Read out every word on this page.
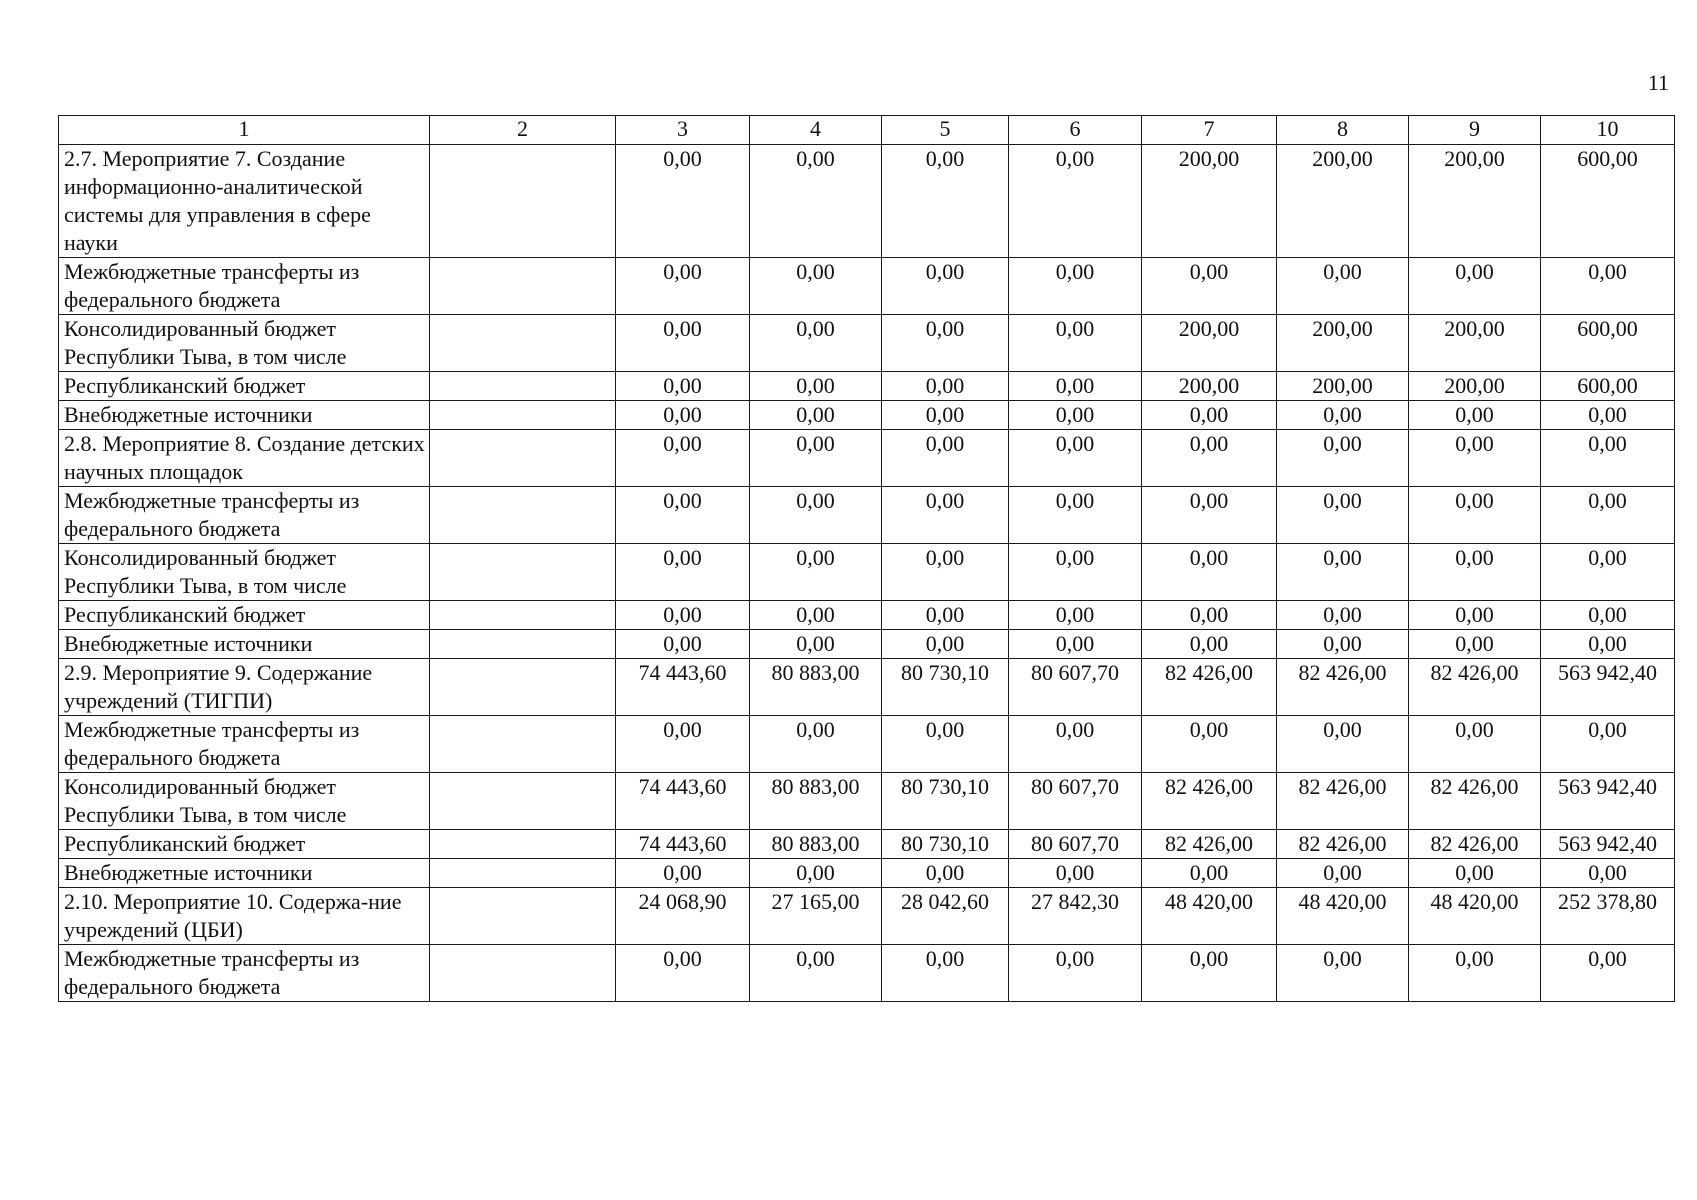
11
1	2	3	4	5	6	7	8	9	10
2.7. Мероприятие 7. Создание информационно-аналитической системы для управления в сфере науки		0,00	0,00	0,00	0,00	200,00	200,00	200,00	600,00
Межбюджетные трансферты из федерального бюджета		0,00	0,00	0,00	0,00	0,00	0,00	0,00	0,00
Консолидированный бюджет Республики Тыва, в том числе		0,00	0,00	0,00	0,00	200,00	200,00	200,00	600,00
Республиканский бюджет		0,00	0,00	0,00	0,00	200,00	200,00	200,00	600,00
Внебюджетные источники		0,00	0,00	0,00	0,00	0,00	0,00	0,00	0,00
2.8. Мероприятие 8. Создание детских научных площадок		0,00	0,00	0,00	0,00	0,00	0,00	0,00	0,00
Межбюджетные трансферты из федерального бюджета		0,00	0,00	0,00	0,00	0,00	0,00	0,00	0,00
Консолидированный бюджет Республики Тыва, в том числе		0,00	0,00	0,00	0,00	0,00	0,00	0,00	0,00
Республиканский бюджет		0,00	0,00	0,00	0,00	0,00	0,00	0,00	0,00
Внебюджетные источники		0,00	0,00	0,00	0,00	0,00	0,00	0,00	0,00
2.9. Мероприятие 9. Содержание учреждений (ТИГПИ)		74 443,60	80 883,00	80 730,10	80 607,70	82 426,00	82 426,00	82 426,00	563 942,40
Межбюджетные трансферты из федерального бюджета		0,00	0,00	0,00	0,00	0,00	0,00	0,00	0,00
Консолидированный бюджет Республики Тыва, в том числе		74 443,60	80 883,00	80 730,10	80 607,70	82 426,00	82 426,00	82 426,00	563 942,40
Республиканский бюджет		74 443,60	80 883,00	80 730,10	80 607,70	82 426,00	82 426,00	82 426,00	563 942,40
Внебюджетные источники		0,00	0,00	0,00	0,00	0,00	0,00	0,00	0,00
2.10. Мероприятие 10. Содержа-ние учреждений (ЦБИ)		24 068,90	27 165,00	28 042,60	27 842,30	48 420,00	48 420,00	48 420,00	252 378,80
Межбюджетные трансферты из федерального бюджета		0,00	0,00	0,00	0,00	0,00	0,00	0,00	0,00
